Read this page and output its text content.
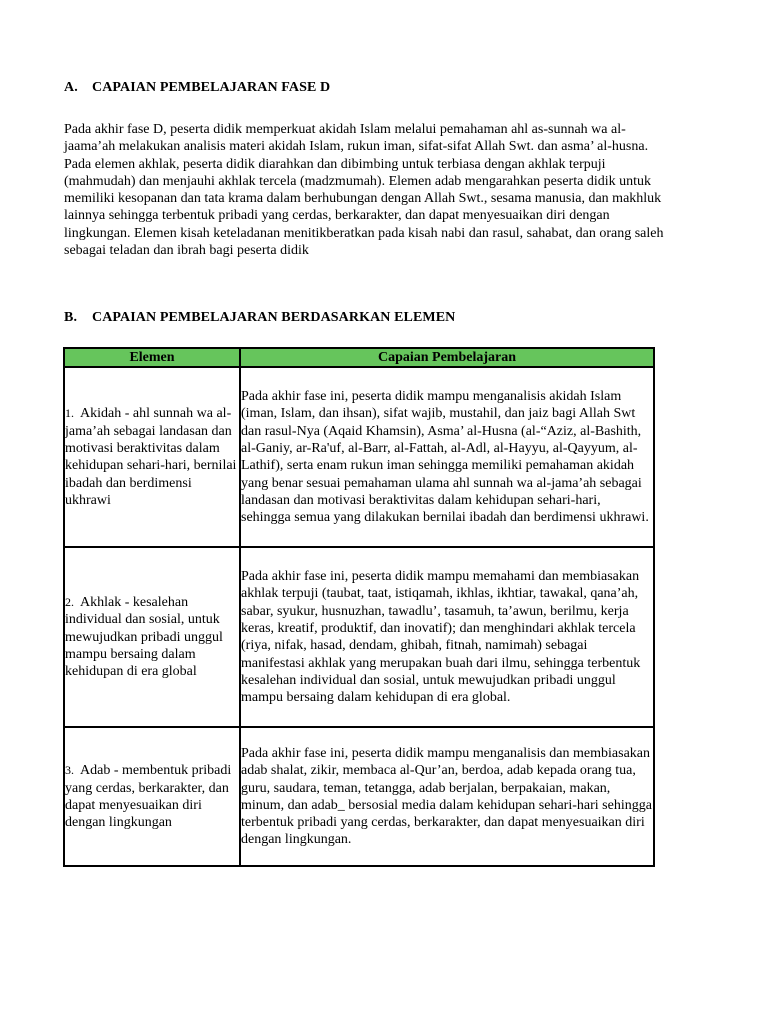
A. CAPAIAN PEMBELAJARAN FASE D

Pada akhir fase D, peserta didik memperkuat akidah Islam melalui pemahaman ahl as-sunnah wa al-jaama’ah melakukan analisis materi akidah Islam, rukun iman, sifat-sifat Allah Swt. dan asma’ al-husna. Pada elemen akhlak, peserta didik diarahkan dan dibimbing untuk terbiasa dengan akhlak terpuji (mahmudah) dan menjauhi akhlak tercela (madzmumah). Elemen adab mengarahkan peserta didik untuk memiliki kesopanan dan tata krama dalam berhubungan dengan Allah Swt., sesama manusia, dan makhluk lainnya sehingga terbentuk pribadi yang cerdas, berkarakter, dan dapat menyesuaikan diri dengan lingkungan. Elemen kisah keteladanan menitikberatkan pada kisah nabi dan rasul, sahabat, dan orang saleh sebagai teladan dan ibrah bagi peserta didik

B. CAPAIAN PEMBELAJARAN BERDASARKAN ELEMEN
Elemen	Capaian Pembelajaran

1. Akidah - ahl sunnah wa al-jama’ah sebagai landasan dan motivasi beraktivitas dalam kehidupan sehari-hari, bernilai ibadah dan berdimensi ukhrawi	Pada akhir fase ini, peserta didik mampu menganalisis akidah Islam (iman, Islam, dan ihsan), sifat wajib, mustahil, dan jaiz bagi Allah Swt dan rasul-Nya (Aqaid Khamsin), Asma’ al-Husna (al-“Aziz, al-Bashith, al-Ganiy, ar-Ra'uf, al-Barr, al-Fattah, al-Adl, al-Hayyu, al-Qayyum, al-Lathif), serta enam rukun iman sehingga memiliki pemahaman akidah yang benar sesuai pemahaman ulama ahl sunnah wa al-jama’ah sebagai landasan dan motivasi beraktivitas dalam kehidupan sehari-hari, sehingga semua yang dilakukan bernilai ibadah dan berdimensi ukhrawi.

2. Akhlak - kesalehan individual dan sosial, untuk mewujudkan pribadi unggul mampu bersaing dalam kehidupan di era global	Pada akhir fase ini, peserta didik mampu memahami dan membiasakan akhlak terpuji (taubat, taat, istiqamah, ikhlas, ikhtiar, tawakal, qana’ah, sabar, syukur, husnuzhan, tawadlu’, tasamuh, ta’awun, berilmu, kerja keras, kreatif, produktif, dan inovatif); dan menghindari akhlak tercela (riya, nifak, hasad, dendam, ghibah, fitnah, namimah) sebagai manifestasi akhlak yang merupakan buah dari ilmu, sehingga terbentuk kesalehan individual dan sosial, untuk mewujudkan pribadi unggul mampu bersaing dalam kehidupan di era global.

3. Adab - membentuk pribadi yang cerdas, berkarakter, dan dapat menyesuaikan diri dengan lingkungan	Pada akhir fase ini, peserta didik mampu menganalisis dan membiasakan adab shalat, zikir, membaca al-Qur’an, berdoa, adab kepada orang tua, guru, saudara, teman, tetangga, adab berjalan, berpakaian, makan, minum, dan adab_ bersosial media dalam kehidupan sehari-hari sehingga terbentuk pribadi yang cerdas, berkarakter, dan dapat menyesuaikan diri dengan lingkungan.
